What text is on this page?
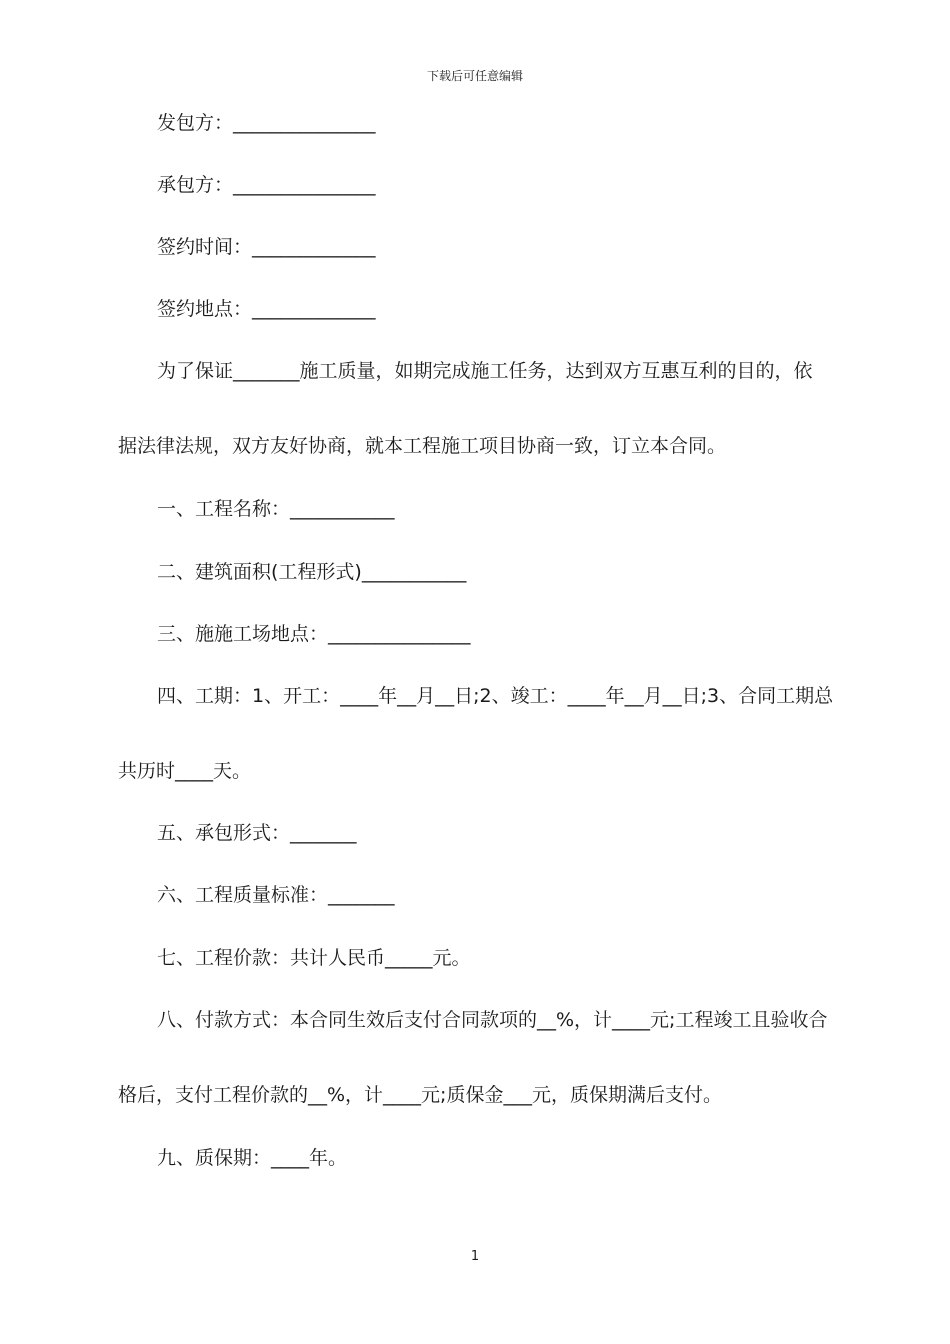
下载后可任意编辑
发包方：_______________
承包方：_______________
签约时间：_____________
签约地点：_____________
为了保证_______施工质量，如期完成施工任务，达到双方互惠互利的目的，依
据法律法规，双方友好协商，就本工程施工项目协商一致，订立本合同。
一、工程名称：___________
二、建筑面积(工程形式)___________
三、施施工场地点：_______________
四、工期：1、开工：____年__月__日;2、竣工：____年__月__日;3、合同工期总
共历时____天。
五、承包形式：_______
六、工程质量标准：_______
七、工程价款：共计人民币_____元。
八、付款方式：本合同生效后支付合同款项的__%，计____元;工程竣工且验收合
格后，支付工程价款的__%，计____元;质保金___元，质保期满后支付。
九、质保期：____年。
1
